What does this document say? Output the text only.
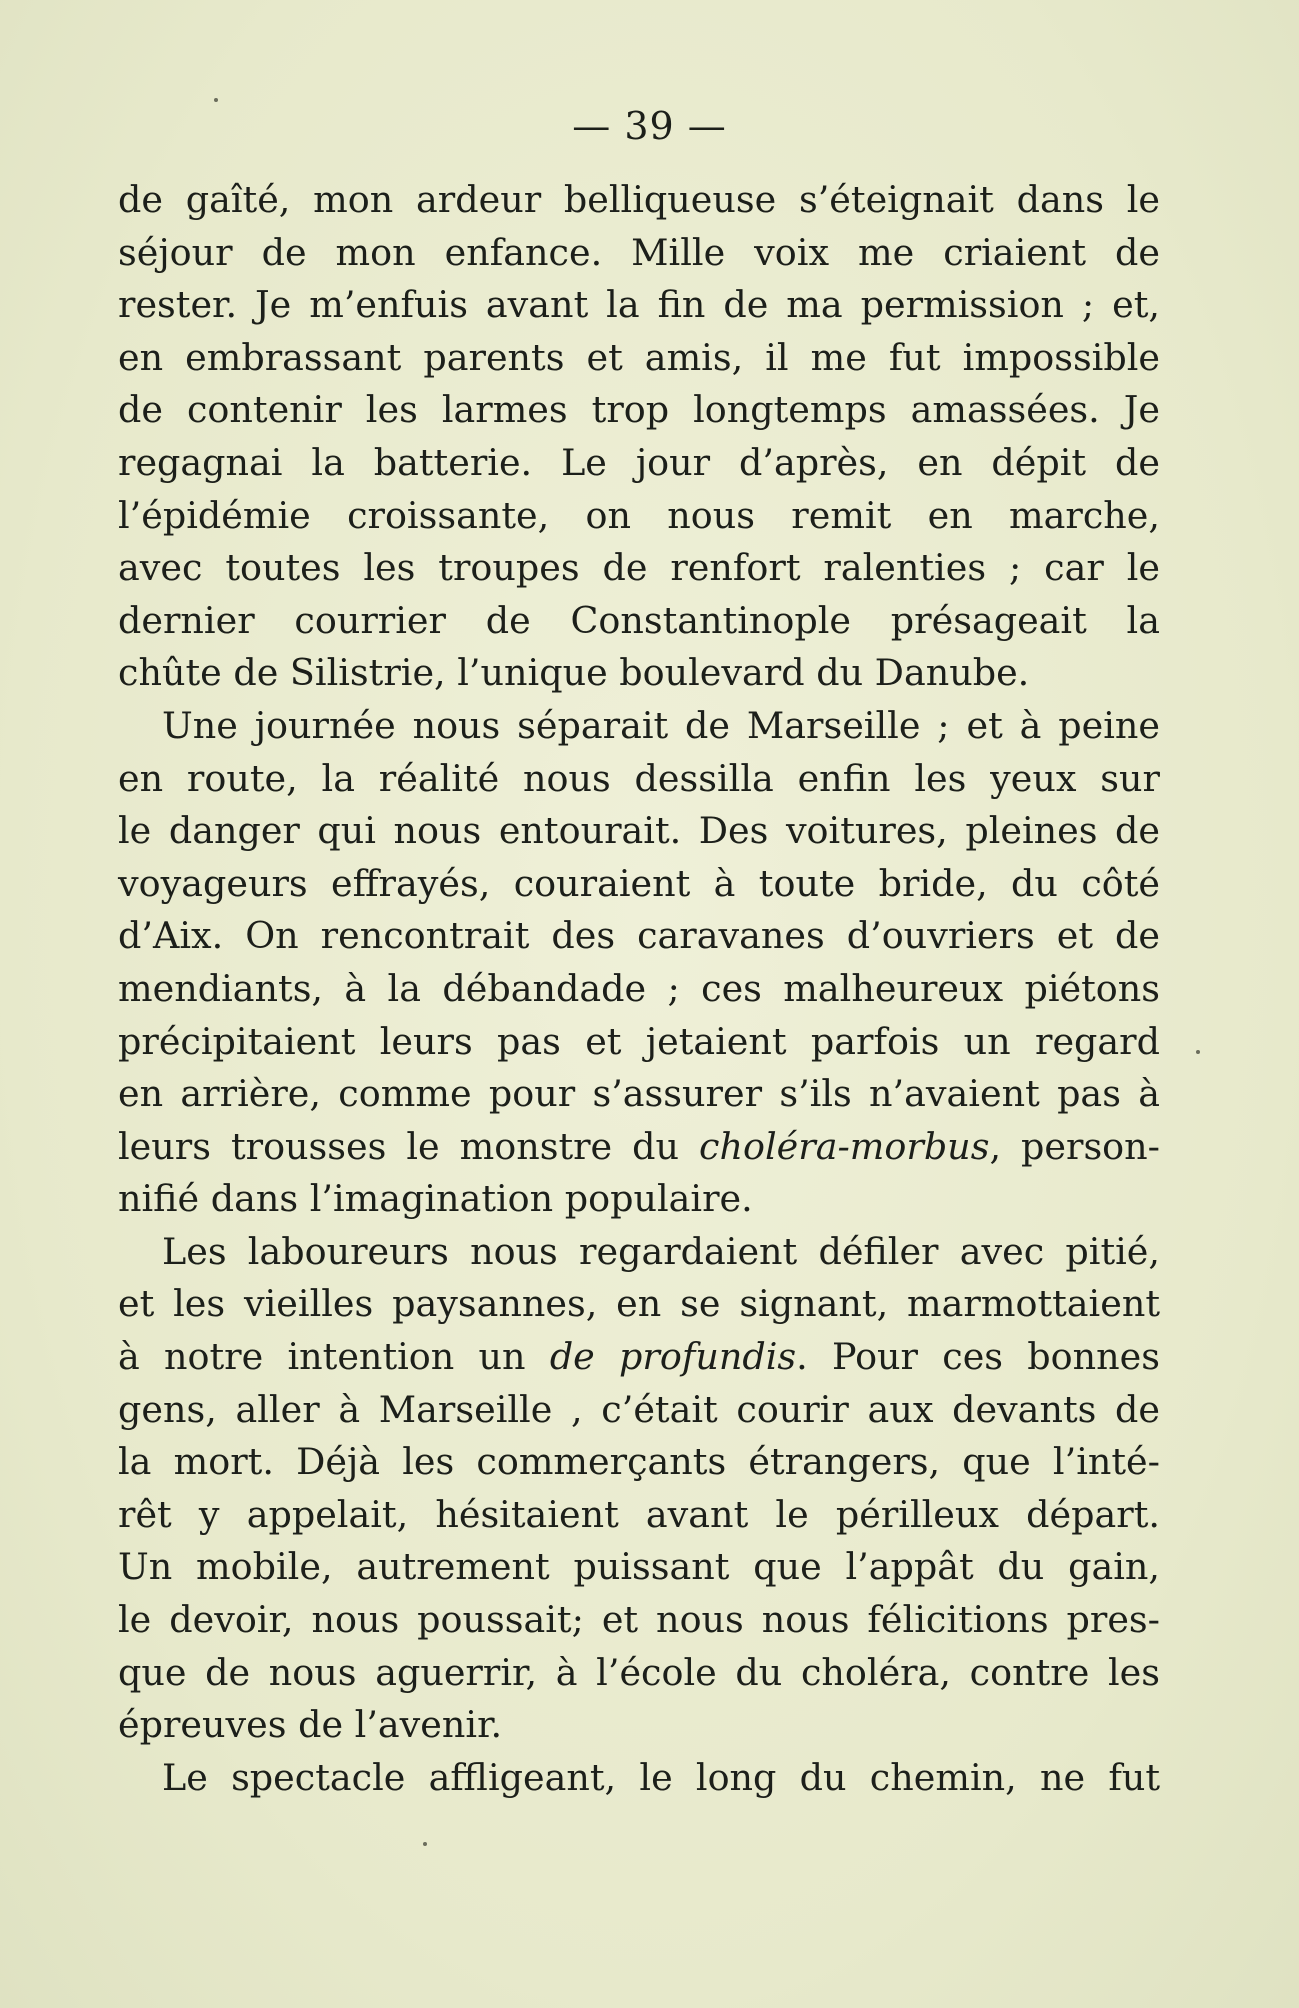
— 39 —
de gaîté, mon ardeur belliqueuse s’éteignait dans le
séjour de mon enfance. Mille voix me criaient de
rester. Je m’enfuis avant la fin de ma permission ; et,
en embrassant parents et amis, il me fut impossible
de contenir les larmes trop longtemps amassées. Je
regagnai la batterie. Le jour d’après, en dépit de
l’épidémie croissante, on nous remit en marche,
avec toutes les troupes de renfort ralenties ; car le
dernier courrier de Constantinople présageait la
chûte de Silistrie, l’unique boulevard du Danube.
Une journée nous séparait de Marseille ; et à peine
en route, la réalité nous dessilla enfin les yeux sur
le danger qui nous entourait. Des voitures, pleines de
voyageurs effrayés, couraient à toute bride, du côté
d’Aix. On rencontrait des caravanes d’ouvriers et de
mendiants, à la débandade ; ces malheureux piétons
précipitaient leurs pas et jetaient parfois un regard
en arrière, comme pour s’assurer s’ils n’avaient pas à
leurs trousses le monstre du choléra-morbus, person-
nifié dans l’imagination populaire.
Les laboureurs nous regardaient défiler avec pitié,
et les vieilles paysannes, en se signant, marmottaient
à notre intention un de profundis. Pour ces bonnes
gens, aller à Marseille , c’était courir aux devants de
la mort. Déjà les commerçants étrangers, que l’inté-
rêt y appelait, hésitaient avant le périlleux départ.
Un mobile, autrement puissant que l’appât du gain,
le devoir, nous poussait; et nous nous félicitions pres-
que de nous aguerrir, à l’école du choléra, contre les
épreuves de l’avenir.
Le spectacle affligeant, le long du chemin, ne fut
